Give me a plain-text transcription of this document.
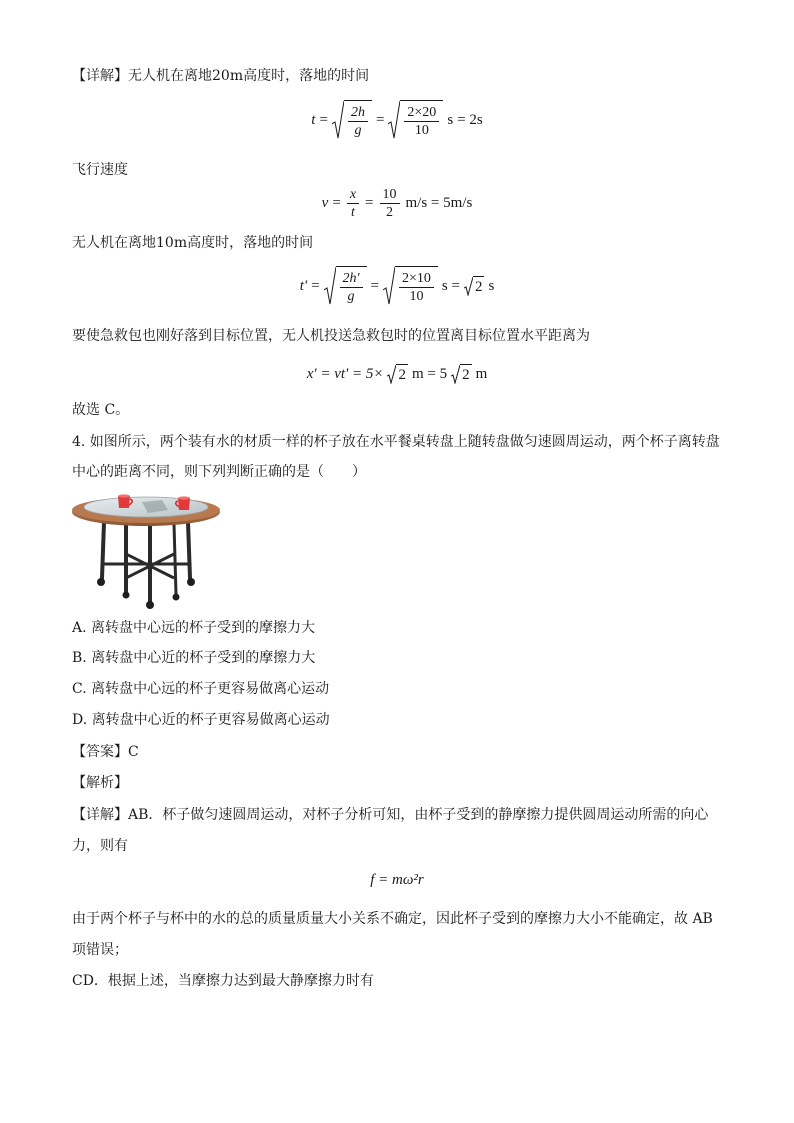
【详解】无人机在离地20m高度时，落地的时间
$t = \frac{2h}{g} = \frac{2\times 20}{10}$ s = 2s
飞行速度
$v = \frac{x}{t} = \frac{10}{2} m/s = 5m/s$
无人机在离地10m高度时，落地的时间
$t' = \frac{2h'}{g} = \frac{2\times 10}{10}$ s = 2 s
要使急救包也刚好落到目标位置，无人机投送急救包时的位置离目标位置水平距离为
x' = vt' = 5× 2 m = 5 2 m
故选 C。
4. 如图所示，两个装有水的材质一样的杯子放在水平餐桌转盘上随转盘做匀速圆周运动，两个杯子离转盘
中心的距离不同，则下列判断正确的是（　　）
A. 离转盘中心远的杯子受到的摩擦力大
B. 离转盘中心近的杯子受到的摩擦力大
C. 离转盘中心远的杯子更容易做离心运动
D. 离转盘中心近的杯子更容易做离心运动
【答案】C
【解析】
【详解】AB．杯子做匀速圆周运动，对杯子分析可知，由杯子受到的静摩擦力提供圆周运动所需的向心
力，则有
f = mω²r
由于两个杯子与杯中的水的总的质量质量大小关系不确定，因此杯子受到的摩擦力大小不能确定，故 AB
项错误；
CD．根据上述，当摩擦力达到最大静摩擦力时有
